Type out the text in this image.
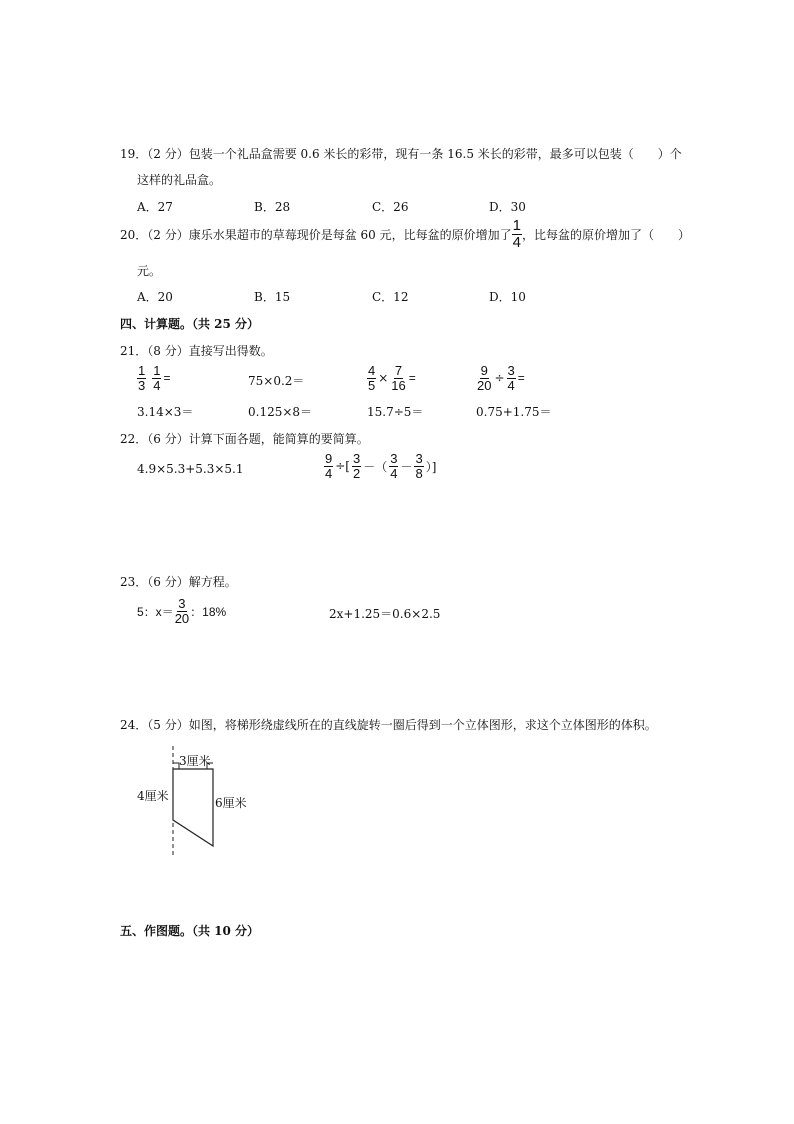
19．（2 分）包装一个礼品盒需要 0.6 米长的彩带，现有一条 16.5 米长的彩带，最多可以包装（　　）个
这样的礼品盒。
A．27	B．28	C．26	D．30
20．（2 分）康乐水果超市的草莓现价是每盆 60 元，比每盆的原价增加了 $\frac{1}{4}$ ，比每盆的原价增加了（　　）
元。
A．20	B．15	C．12	D．10
四、计算题。（共 25 分）
21．（8 分）直接写出得数。
$\frac{1}{3} \frac{1}{4}$ =	75×0.2＝	$\frac{4}{5} \times \frac{7}{16}$ =	$\frac{9}{20} \div \frac{3}{4}$ =
3.14×3＝	0.125×8＝	15.7÷5＝	0.75+1.75＝
22．（6 分）计算下面各题，能简算的要简算。
4.9×5.3+5.3×5.1	$\frac{9}{4}$ ÷[ $\frac{3}{2}$ －（ $\frac{3}{4} - \frac{3}{8}$ ）]
23．（6 分）解方程。
5：$x= \frac{3}{20}$ ：18%	2x+1.25＝0.6×2.5
24．（5 分）如图，将梯形绕虚线所在的直线旋转一圈后得到一个立体图形，求这个立体图形的体积。
3厘米
4厘米	6厘米
五、作图题。（共 10 分）
